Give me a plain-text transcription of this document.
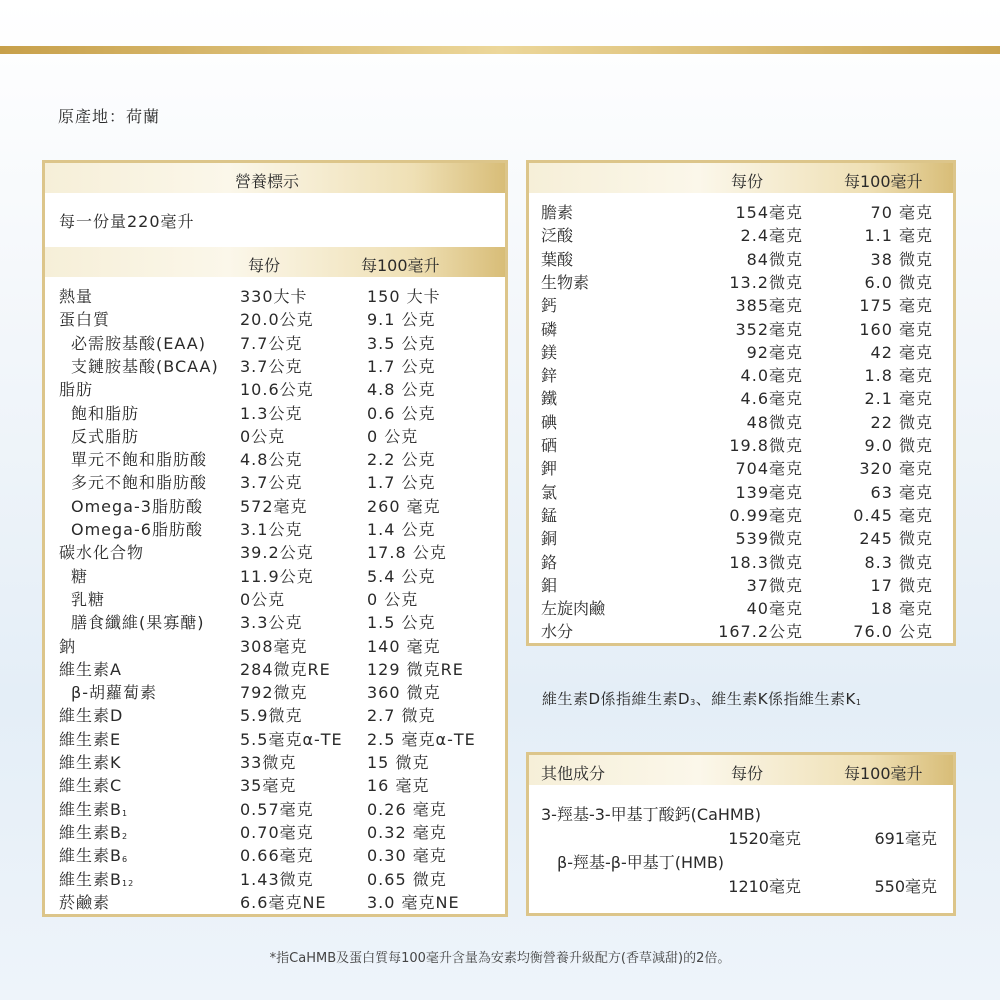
原產地：荷蘭
營養標示
每一份量220毫升
每份	每100毫升
熱量	330大卡	150 大卡
蛋白質	20.0公克	9.1 公克
必需胺基酸(EAA) 7.7公克	3.5 公克
支鏈胺基酸(BCAA) 3.7公克	1.7 公克
脂肪	10.6公克	4.8 公克
飽和脂肪	1.3公克	0.6 公克
反式脂肪	0公克	0 公克
單元不飽和脂肪酸 4.8公克	2.2 公克
多元不飽和脂肪酸 3.7公克	1.7 公克
Omega-3脂肪酸 572毫克	260 毫克
Omega-6脂肪酸 3.1公克	1.4 公克
碳水化合物	39.2公克	17.8 公克
糖	11.9公克	5.4 公克
乳糖	0公克	0 公克
膳食纖維(果寡醣) 3.3公克	1.5 公克
鈉	308毫克	140 毫克
維生素A	284微克RE 129 微克RE
β-胡蘿蔔素	792微克	360 微克
維生素D	5.9微克	2.7 微克
維生素E	5.5毫克α-TE 2.5 毫克α-TE
維生素K	33微克	15 微克
維生素C	35毫克	16 毫克
維生素$B_1$	0.57毫克	0.26 毫克
維生素$B_2$	0.70毫克	0.32 毫克
維生素$B_6$	0.66毫克	0.30 毫克
維生素$B_{12}$	1.43微克	0.65 微克
菸鹼素	6.6毫克NE	3.0 毫克NE
每份	每100毫升
膽素	154毫克	70 毫克
泛酸	2.4毫克	1.1 毫克
葉酸	84微克	38 微克
生物素	13.2微克	6.0 微克
鈣	385毫克	175 毫克
磷	352毫克	160 毫克
鎂	92毫克	42 毫克
鋅	4.0毫克	1.8 毫克
鐵	4.6毫克	2.1 毫克
碘	48微克	22 微克
硒	19.8微克	9.0 微克
鉀	704毫克	320 毫克
氯	139毫克	63 毫克
錳	0.99毫克	0.45 毫克
銅	539微克	245 微克
鉻	18.3微克	8.3 微克
鉬	37微克	17 微克
左旋肉鹼	40毫克	18 毫克
水分	167.2公克	76.0 公克
維生素D係指維生素$D_3$、維生素K係指維生素$K_1$
其他成分	每份	每100毫升
3-羥基-3-甲基丁酸鈣(CaHMB)
1520毫克	691毫克
β-羥基-β-甲基丁(HMB)
1210毫克	550毫克
*指CaHMB及蛋白質每100毫升含量為安素均衡營養升級配方(香草減甜)的2倍。
